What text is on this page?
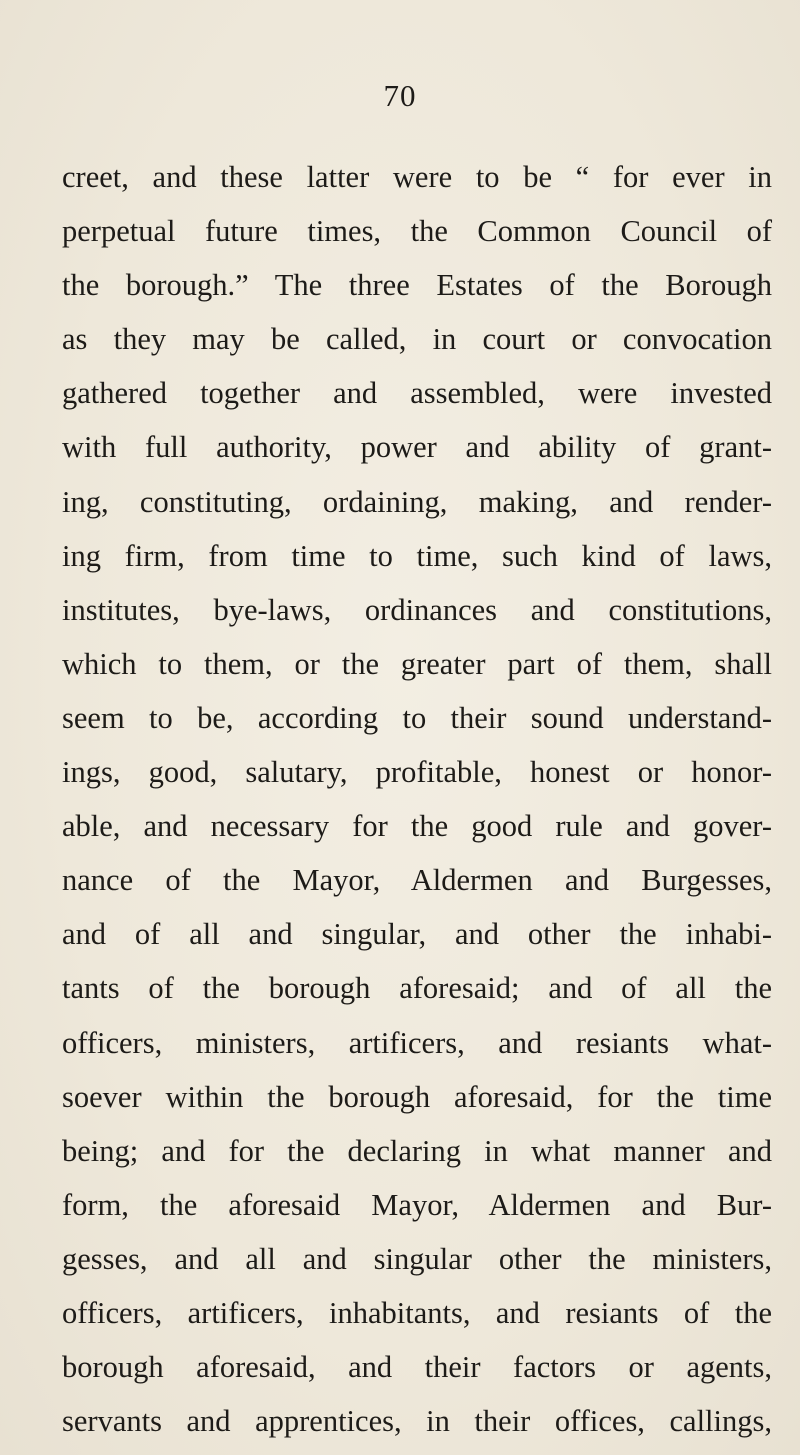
70
creet, and these latter were to be “ for ever in
perpetual future times, the Common Council of
the borough.” The three Estates of the Borough
as they may be called, in court or convocation
gathered together and assembled, were invested
with full authority, power and ability of grant-
ing, constituting, ordaining, making, and render-
ing firm, from time to time, such kind of laws,
institutes, bye-laws, ordinances and constitutions,
which to them, or the greater part of them, shall
seem to be, according to their sound understand-
ings, good, salutary, profitable, honest or honor-
able, and necessary for the good rule and gover-
nance of the Mayor, Aldermen and Burgesses,
and of all and singular, and other the inhabi-
tants of the borough aforesaid; and of all the
officers, ministers, artificers, and resiants what-
soever within the borough aforesaid, for the time
being; and for the declaring in what manner and
form, the aforesaid Mayor, Aldermen and Bur-
gesses, and all and singular other the ministers,
officers, artificers, inhabitants, and resiants of the
borough aforesaid, and their factors or agents,
servants and apprentices, in their offices, callings,
